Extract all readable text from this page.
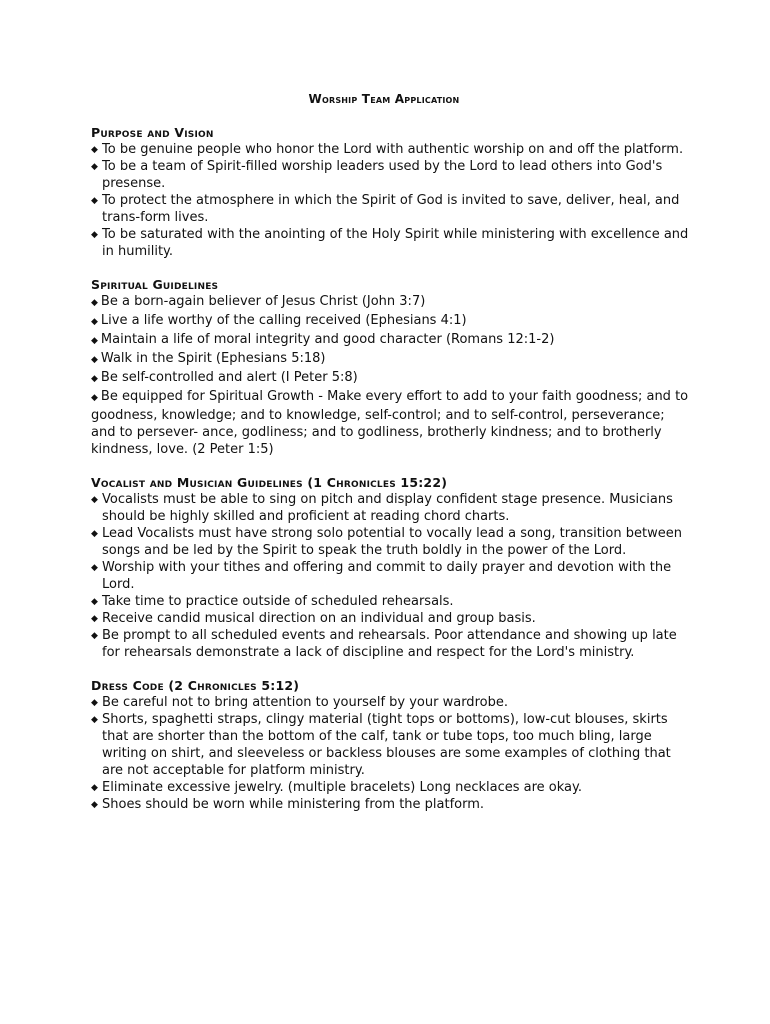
Worship Team Application
Purpose and Vision
◆ To be genuine people who honor the Lord with authentic worship on and off the platform.
◆ To be a team of Spirit-filled worship leaders used by the Lord to lead others into God's presense.
◆ To protect the atmosphere in which the Spirit of God is invited to save, deliver, heal, and trans-form lives.
◆ To be saturated with the anointing of the Holy Spirit while ministering with excellence and in humility.
Spiritual Guidelines
◆ Be a born-again believer of Jesus Christ (John 3:7)
◆ Live a life worthy of the calling received (Ephesians 4:1)
◆ Maintain a life of moral integrity and good character (Romans 12:1-2)
◆ Walk in the Spirit (Ephesians 5:18)
◆ Be self-controlled and alert (I Peter 5:8)
◆ Be equipped for Spiritual Growth - Make every effort to add to your faith goodness; and to goodness, knowledge; and to knowledge, self-control; and to self-control, perseverance; and to persever- ance, godliness; and to godliness, brotherly kindness; and to brotherly kindness, love. (2 Peter 1:5)
Vocalist and Musician Guidelines (1 Chronicles 15:22)
◆ Vocalists must be able to sing on pitch and display confident stage presence. Musicians should be highly skilled and proficient at reading chord charts.
◆ Lead Vocalists must have strong solo potential to vocally lead a song, transition between songs and be led by the Spirit to speak the truth boldly in the power of the Lord.
◆ Worship with your tithes and offering and commit to daily prayer and devotion with the Lord.
◆ Take time to practice outside of scheduled rehearsals.
◆ Receive candid musical direction on an individual and group basis.
◆ Be prompt to all scheduled events and rehearsals. Poor attendance and showing up late for rehearsals demonstrate a lack of discipline and respect for the Lord's ministry.
Dress Code (2 Chronicles 5:12)
◆ Be careful not to bring attention to yourself by your wardrobe.
◆ Shorts, spaghetti straps, clingy material (tight tops or bottoms), low-cut blouses, skirts that are shorter than the bottom of the calf, tank or tube tops, too much bling, large writing on shirt, and sleeveless or backless blouses are some examples of clothing that are not acceptable for platform ministry.
◆ Eliminate excessive jewelry. (multiple bracelets) Long necklaces are okay.
◆ Shoes should be worn while ministering from the platform.
